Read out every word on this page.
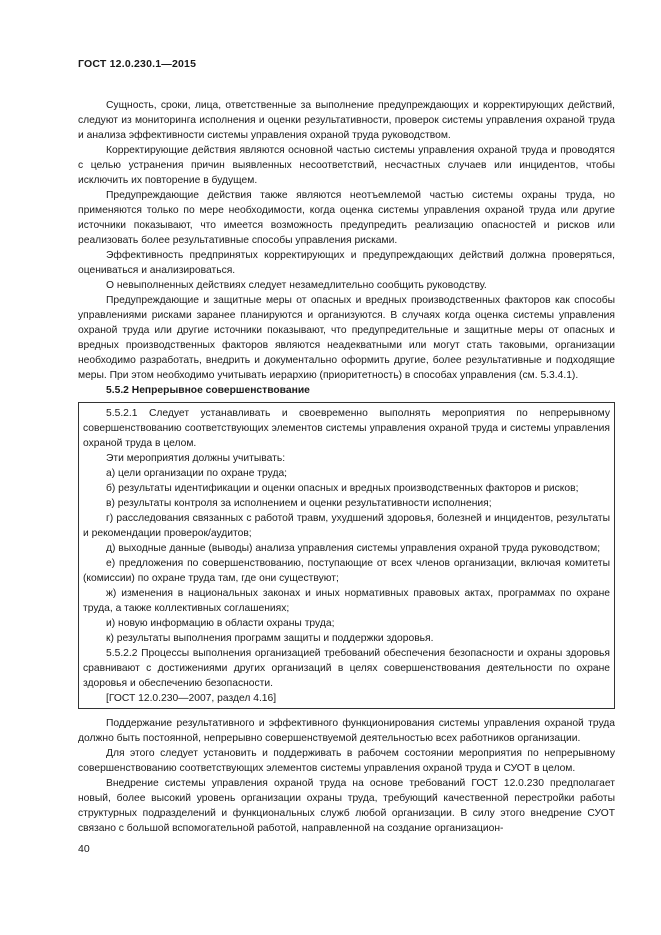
ГОСТ 12.0.230.1—2015

Сущность, сроки, лица, ответственные за выполнение предупреждающих и корректирующих действий, следуют из мониторинга исполнения и оценки результативности, проверок системы управления охраной труда и анализа эффективности системы управления охраной труда руководством.

Корректирующие действия являются основной частью системы управления охраной труда и проводятся с целью устранения причин выявленных несоответствий, несчастных случаев или инцидентов, чтобы исключить их повторение в будущем.

Предупреждающие действия также являются неотъемлемой частью системы охраны труда, но применяются только по мере необходимости, когда оценка системы управления охраной труда или другие источники показывают, что имеется возможность предупредить реализацию опасностей и рисков или реализовать более результативные способы управления рисками.

Эффективность предпринятых корректирующих и предупреждающих действий должна проверяться, оцениваться и анализироваться.

О невыполненных действиях следует незамедлительно сообщить руководству.

Предупреждающие и защитные меры от опасных и вредных производственных факторов как способы управлениями рисками заранее планируются и организуются. В случаях когда оценка системы управления охраной труда или другие источники показывают, что предупредительные и защитные меры от опасных и вредных производственных факторов являются неадекватными или могут стать таковыми, организации необходимо разработать, внедрить и документально оформить другие, более результативные и подходящие меры. При этом необходимо учитывать иерархию (приоритетность) в способах управления (см. 5.3.4.1).

5.5.2 Непрерывное совершенствование

5.5.2.1 Следует устанавливать и своевременно выполнять мероприятия по непрерывному совершенствованию соответствующих элементов системы управления охраной труда и системы управления охраной труда в целом.

Эти мероприятия должны учитывать:

а) цели организации по охране труда;

б) результаты идентификации и оценки опасных и вредных производственных факторов и рисков;

в) результаты контроля за исполнением и оценки результативности исполнения;

г) расследования связанных с работой травм, ухудшений здоровья, болезней и инцидентов, результаты и рекомендации проверок/аудитов;

д) выходные данные (выводы) анализа управления системы управления охраной труда руководством;

е) предложения по совершенствованию, поступающие от всех членов организации, включая комитеты (комиссии) по охране труда там, где они существуют;

ж) изменения в национальных законах и иных нормативных правовых актах, программах по охране труда, а также коллективных соглашениях;

и) новую информацию в области охраны труда;

к) результаты выполнения программ защиты и поддержки здоровья.

5.5.2.2 Процессы выполнения организацией требований обеспечения безопасности и охраны здоровья сравнивают с достижениями других организаций в целях совершенствования деятельности по охране здоровья и обеспечению безопасности.

[ГОСТ 12.0.230—2007, раздел 4.16]

Поддержание результативного и эффективного функционирования системы управления охраной труда должно быть постоянной, непрерывно совершенствуемой деятельностью всех работников организации.

Для этого следует установить и поддерживать в рабочем состоянии мероприятия по непрерывному совершенствованию соответствующих элементов системы управления охраной труда и СУОТ в целом.

Внедрение системы управления охраной труда на основе требований ГОСТ 12.0.230 предполагает новый, более высокий уровень организации охраны труда, требующий качественной перестройки работы структурных подразделений и функциональных служб любой организации. В силу этого внедрение СУОТ связано с большой вспомогательной работой, направленной на создание организацион-

40
